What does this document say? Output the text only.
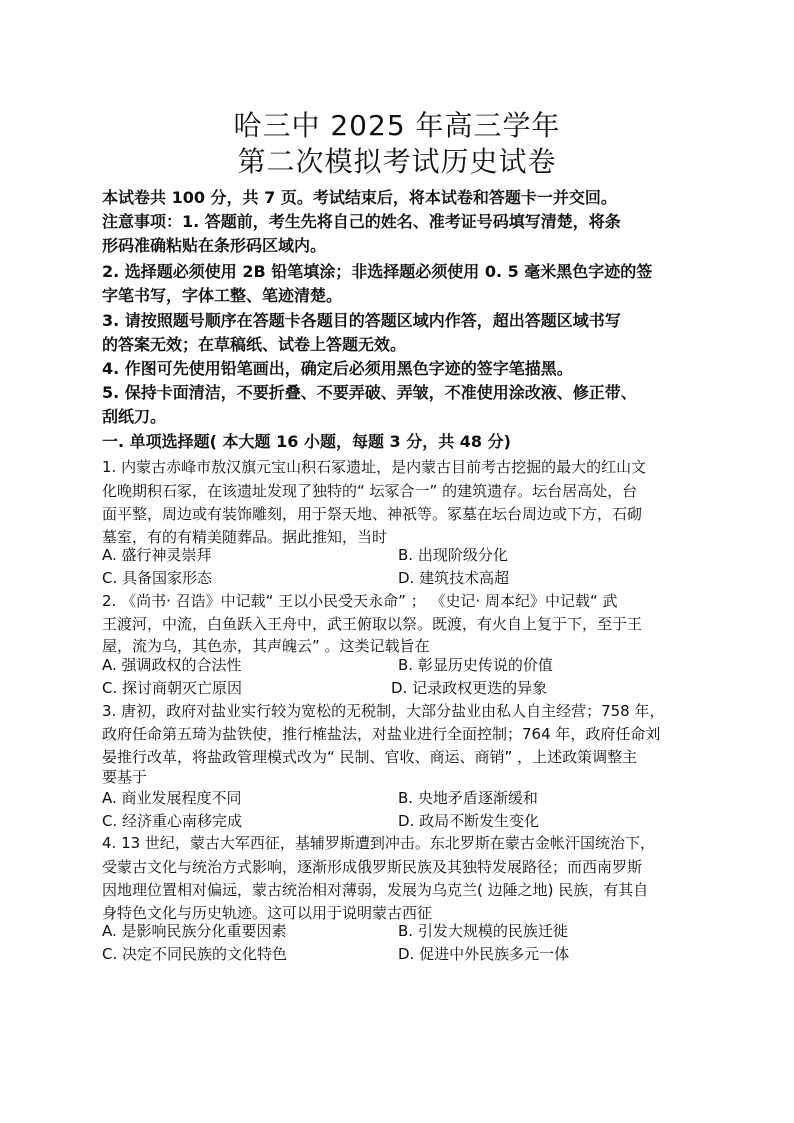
哈三中 2025 年高三学年
第二次模拟考试历史试卷
本试卷共 100 分，共 7 页。考试结束后，将本试卷和答题卡一并交回。
注意事项：1. 答题前，考生先将自己的姓名、准考证号码填写清楚，将条
形码准确粘贴在条形码区域内。
2. 选择题必须使用 2B 铅笔填涂；非选择题必须使用 0. 5 毫米黑色字迹的签
字笔书写，字体工整、笔迹清楚。
3. 请按照题号顺序在答题卡各题目的答题区域内作答，超出答题区域书写
的答案无效；在草稿纸、试卷上答题无效。
4. 作图可先使用铅笔画出，确定后必须用黑色字迹的签字笔描黑。
5. 保持卡面清洁，不要折叠、不要弄破、弄皱，不准使用涂改液、修正带、
刮纸刀。
一. 单项选择题( 本大题 16 小题，每题 3 分，共 48 分)
1. 内蒙古赤峰市敖汉旗元宝山积石冢遗址，是内蒙古目前考古挖掘的最大的红山文
化晚期积石冢，在该遗址发现了独特的“ 坛冢合一” 的建筑遗存。坛台居高处，台
面平整，周边或有装饰雕刻，用于祭天地、神祇等。冢墓在坛台周边或下方，石砌
墓室，有的有精美随葬品。据此推知，当时
A. 盛行神灵崇拜	B. 出现阶级分化
C. 具备国家形态	D. 建筑技术高超
2. 《尚书· 召诰》中记载“ 王以小民受天永命” ； 《史记· 周本纪》中记载“ 武
王渡河，中流，白鱼跃入王舟中，武王俯取以祭。既渡，有火自上复于下，至于王
屋，流为乌，其色赤，其声魄云” 。这类记载旨在
A. 强调政权的合法性	B. 彰显历史传说的价值
C. 探讨商朝灭亡原因	D. 记录政权更迭的异象
3. 唐初，政府对盐业实行较为宽松的无税制，大部分盐业由私人自主经营；758 年，
政府任命第五琦为盐铁使，推行榷盐法，对盐业进行全面控制；764 年，政府任命刘
晏推行改革，将盐政管理模式改为“ 民制、官收、商运、商销” ，上述政策调整主
要基于
A. 商业发展程度不同	B. 央地矛盾逐渐缓和
C. 经济重心南移完成	D. 政局不断发生变化
4. 13 世纪，蒙古大军西征，基辅罗斯遭到冲击。东北罗斯在蒙古金帐汗国统治下，
受蒙古文化与统治方式影响，逐渐形成俄罗斯民族及其独特发展路径；而西南罗斯
因地理位置相对偏远，蒙古统治相对薄弱，发展为乌克兰( 边陲之地) 民族，有其自
身特色文化与历史轨迹。这可以用于说明蒙古西征
A. 是影响民族分化重要因素	B. 引发大规模的民族迁徙
C. 决定不同民族的文化特色	D. 促进中外民族多元一体
